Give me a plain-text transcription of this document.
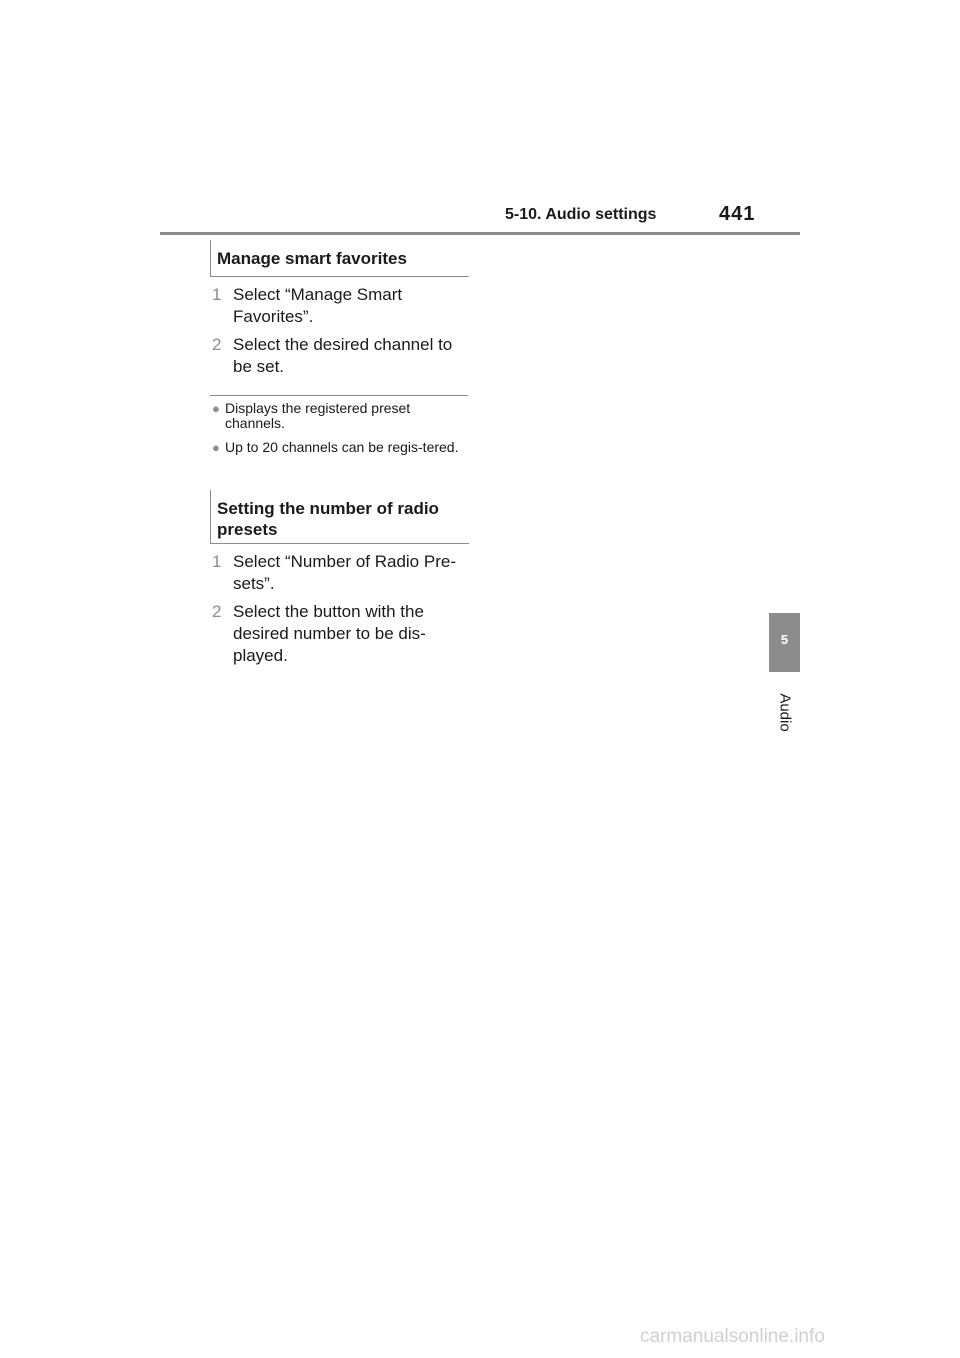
5-10. Audio settings	441
Manage smart favorites
1 Select “Manage Smart Favorites”.
2 Select the desired channel to be set.
● Displays the registered preset channels.
● Up to 20 channels can be regis-tered.
Setting the number of radio presets
1 Select “Number of Radio Pre-sets”.
2 Select the button with the desired number to be dis-played.
5
Audio
carmanualsonline.info
